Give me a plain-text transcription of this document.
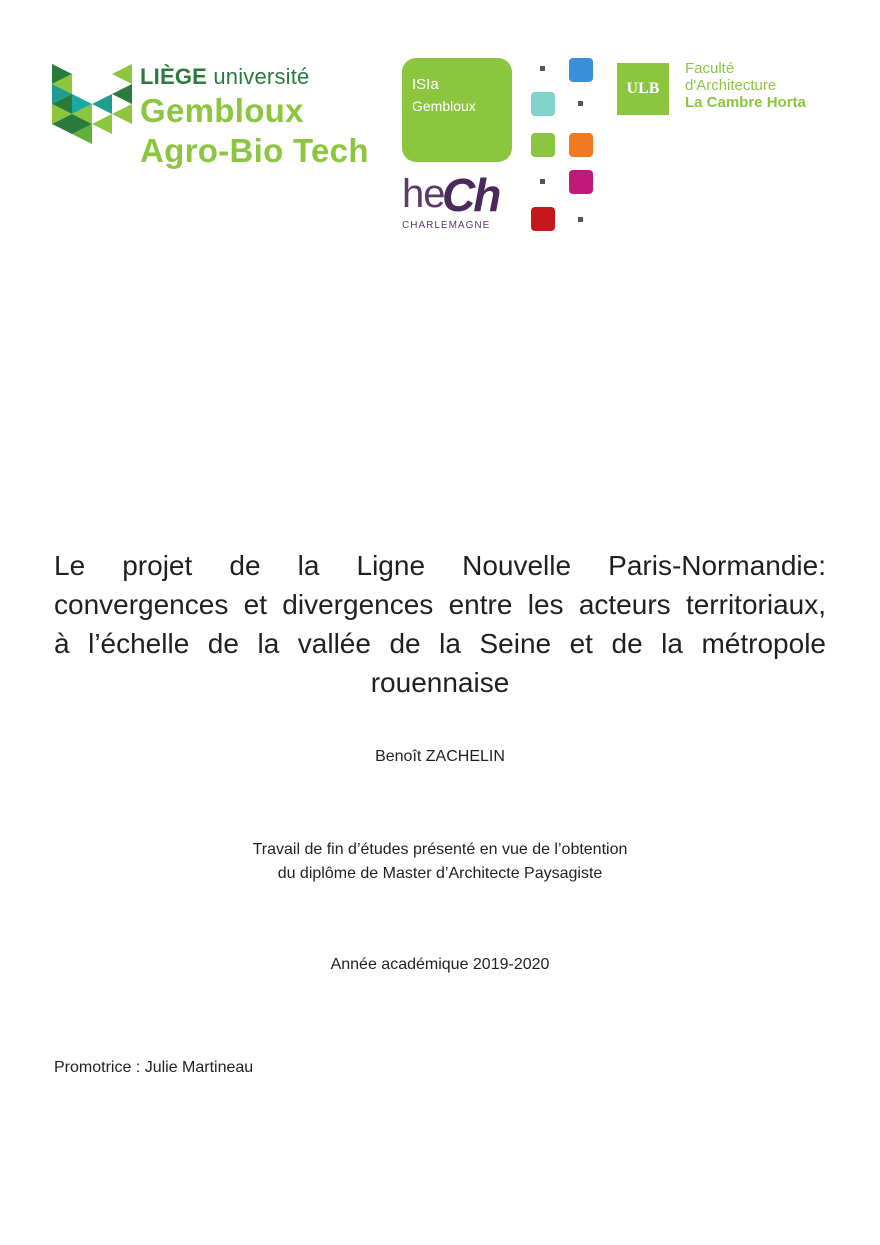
LIÈGE université
Gembloux
Agro-Bio Tech
ISIa
Gembloux
he
Ch
CHARLEMAGNE
ULB
Faculté
d'Architecture
La Cambre Horta
Le projet de la Ligne Nouvelle Paris-Normandie:
convergences et divergences entre les acteurs territoriaux,
à l’échelle de la vallée de la Seine et de la métropole
rouennaise
Benoît ZACHELIN
Travail de fin d’études présenté en vue de l’obtention
du diplôme de Master d’Architecte Paysagiste
Année académique 2019-2020
Promotrice : Julie Martineau
